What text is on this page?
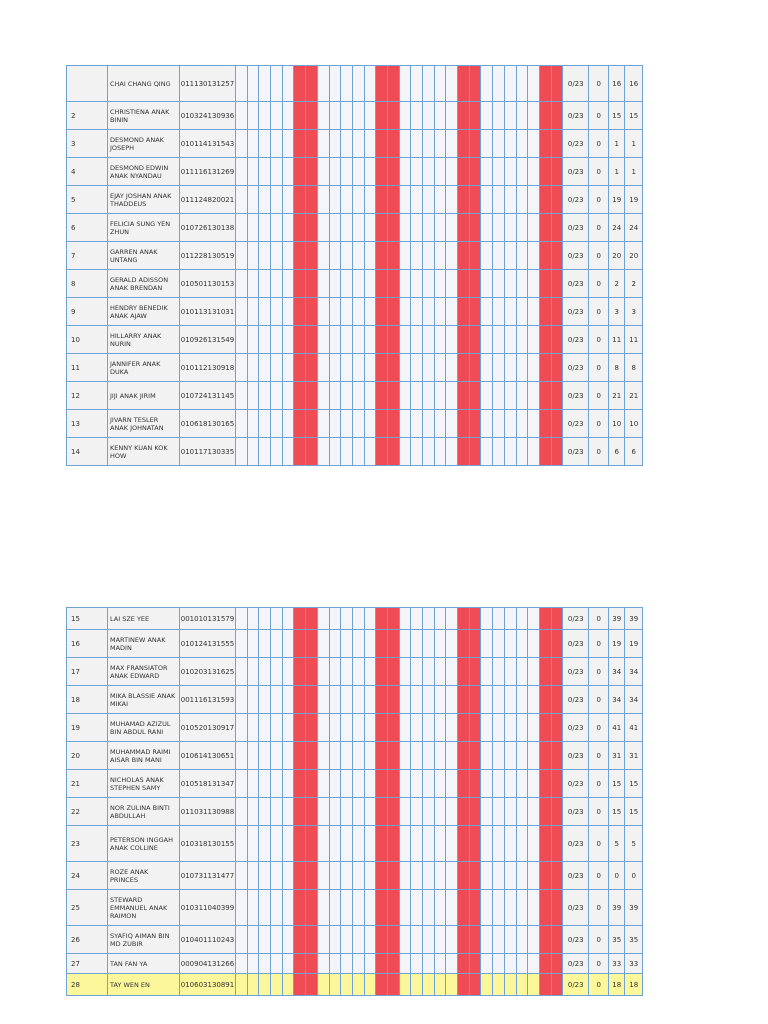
	CHAI CHANG QING	011130131257																													0/23	0	16	16
2	CHRISTIENA ANAK BININ	010324130936																													0/23	0	15	15
3	DESMOND ANAK JOSEPH	010114131543																													0/23	0	1	1
4	DESMOND EDWIN ANAK NYANDAU	011116131269																													0/23	0	1	1
5	EJAY JOSHAN ANAK THADDEUS	011124820021																													0/23	0	19	19
6	FELICIA SUNG YEN ZHUN	010726130138																													0/23	0	24	24
7	GARREN ANAK UNTANG	011228130519																													0/23	0	20	20
8	GERALD ADISSON ANAK BRENDAN	010501130153																													0/23	0	2	2
9	HENDRY BENEDIK ANAK AJAW	010113131031																													0/23	0	3	3
10	HILLARRY ANAK NURIN	010926131549																													0/23	0	11	11
11	JANNIFER ANAK DUKA	010112130918																													0/23	0	8	8
12	JIJI ANAK JIRIM	010724131145																													0/23	0	21	21
13	JIVARN TESLER ANAK JOHNATAN	010618130165																													0/23	0	10	10
14	KENNY KUAN KOK HOW	010117130335																													0/23	0	6	6
15	LAI SZE YEE	001010131579																													0/23	0	39	39
16	MARTINEW ANAK MADIN	010124131555																													0/23	0	19	19
17	MAX FRANSIATOR ANAK EDWARD	010203131625																													0/23	0	34	34
18	MIKA BLASSIE ANAK MIKAI	001116131593																													0/23	0	34	34
19	MUHAMAD AZIZUL BIN ABDUL RANI	010520130917																													0/23	0	41	41
20	MUHAMMAD RAIMI AISAR BIN MANI	010614130651																													0/23	0	31	31
21	NICHOLAS ANAK STEPHEN SAMY	010518131347																													0/23	0	15	15
22	NOR ZULINA BINTI ABDULLAH	011031130988																													0/23	0	15	15
23	PETERSON INGGAH ANAK COLLINE	010318130155																													0/23	0	5	5
24	ROZE ANAK PRINCES	010731131477																													0/23	0	0	0
25	STEWARD EMMANUEL ANAK RAIMON	010311040399																													0/23	0	39	39
26	SYAFIQ AIMAN BIN MD ZUBIR	010401110243																													0/23	0	35	35
27	TAN FAN YA	000904131266																													0/23	0	33	33
28	TAY WEN EN	010603130891																													0/23	0	18	18
